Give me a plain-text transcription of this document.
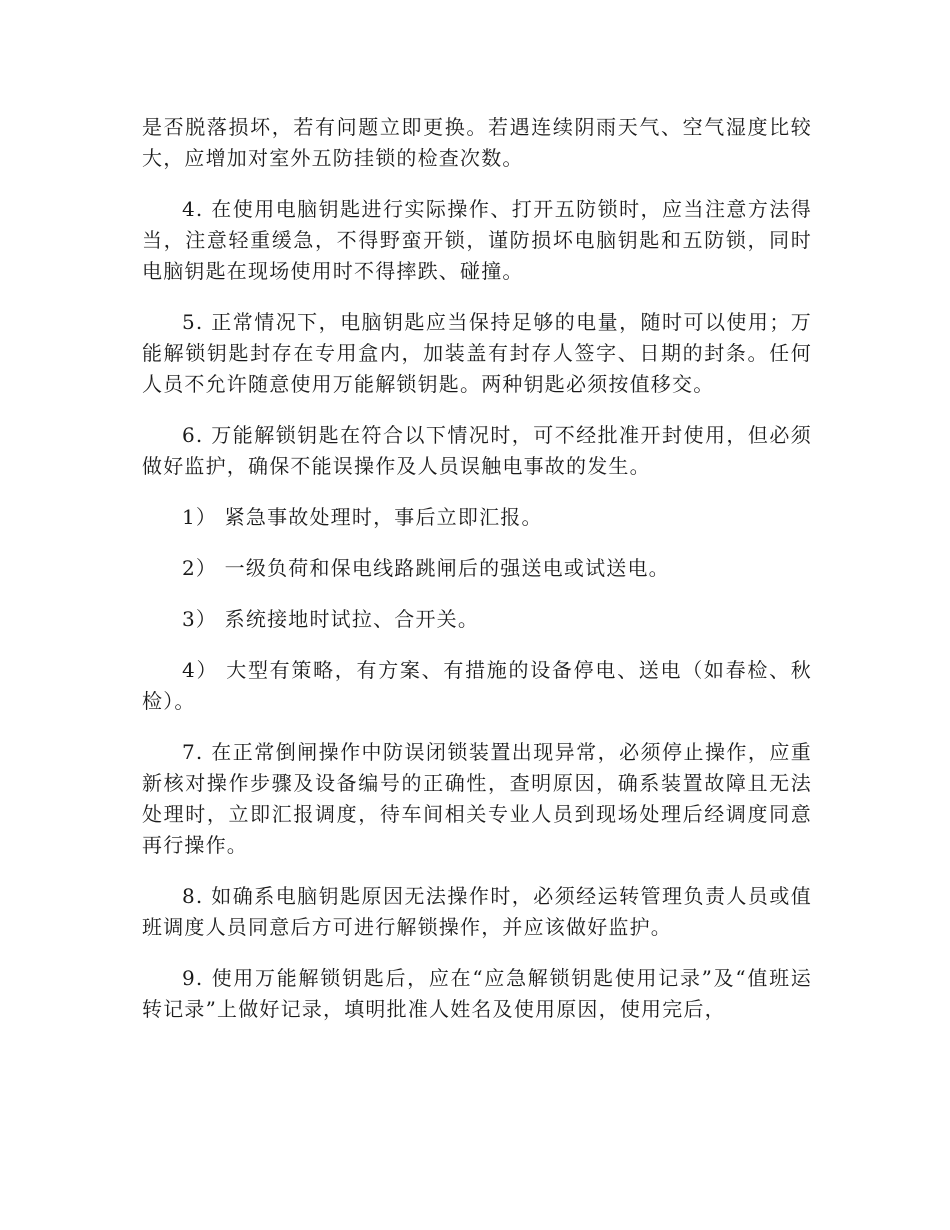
是否脱落损坏，若有问题立即更换。若遇连续阴雨天气、空气湿度比较大，应增加对室外五防挂锁的检查次数。

4. 在使用电脑钥匙进行实际操作、打开五防锁时，应当注意方法得当，注意轻重缓急，不得野蛮开锁，谨防损坏电脑钥匙和五防锁，同时电脑钥匙在现场使用时不得摔跌、碰撞。

5. 正常情况下，电脑钥匙应当保持足够的电量，随时可以使用；万能解锁钥匙封存在专用盒内，加装盖有封存人签字、日期的封条。任何人员不允许随意使用万能解锁钥匙。两种钥匙必须按值移交。

6. 万能解锁钥匙在符合以下情况时，可不经批准开封使用，但必须做好监护，确保不能误操作及人员误触电事故的发生。

1） 紧急事故处理时，事后立即汇报。

2） 一级负荷和保电线路跳闸后的强送电或试送电。

3） 系统接地时试拉、合开关。

4） 大型有策略，有方案、有措施的设备停电、送电（如春检、秋检）。

7. 在正常倒闸操作中防误闭锁装置出现异常，必须停止操作，应重新核对操作步骤及设备编号的正确性，查明原因，确系装置故障且无法处理时，立即汇报调度，待车间相关专业人员到现场处理后经调度同意再行操作。

8. 如确系电脑钥匙原因无法操作时，必须经运转管理负责人员或值班调度人员同意后方可进行解锁操作，并应该做好监护。

9. 使用万能解锁钥匙后，应在“应急解锁钥匙使用记录”及“值班运转记录”上做好记录，填明批准人姓名及使用原因，使用完后，
